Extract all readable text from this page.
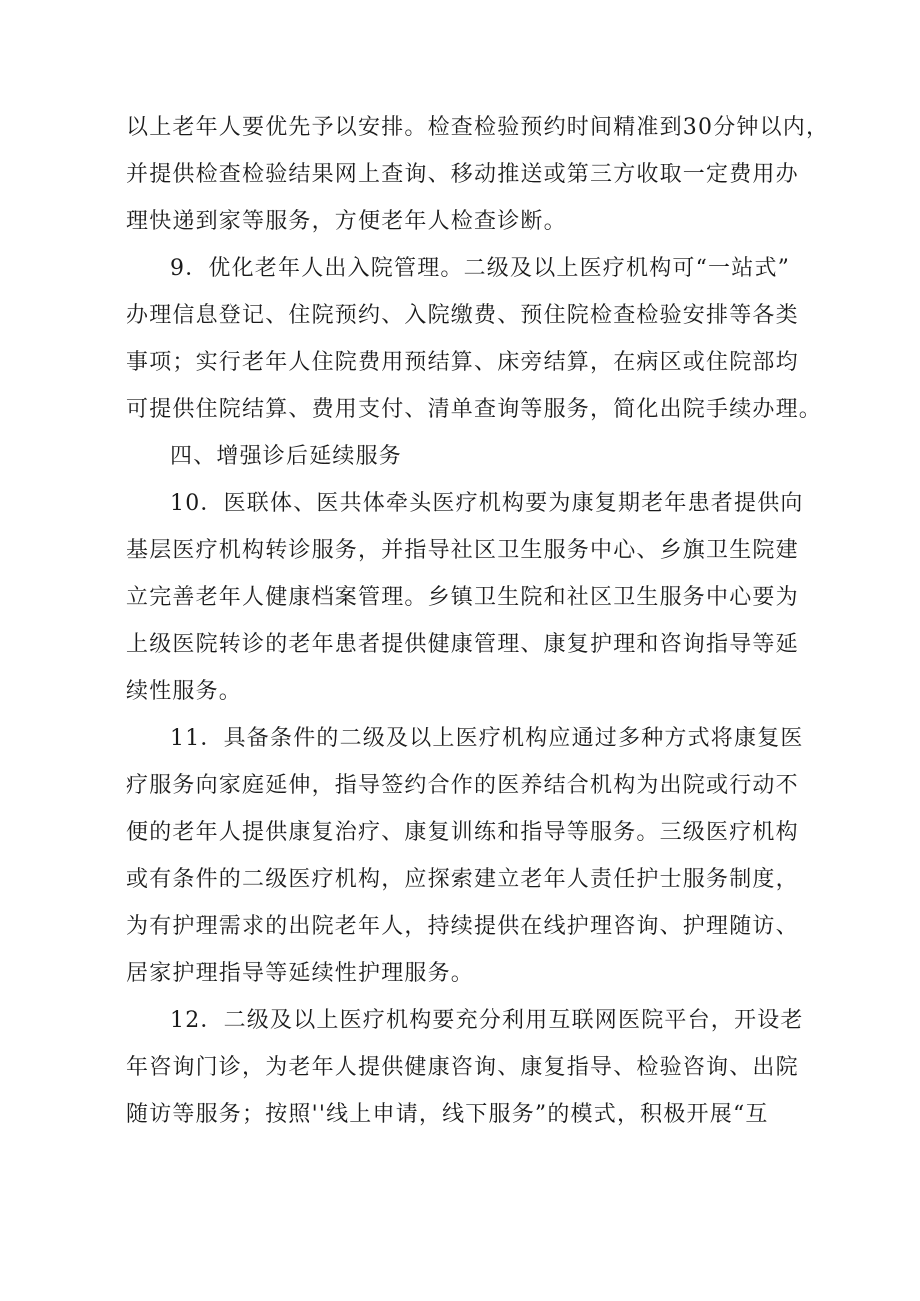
以上老年人要优先予以安排。检查检验预约时间精准到30分钟以内，
并提供检查检验结果网上查询、移动推送或第三方收取一定费用办
理快递到家等服务，方便老年人检查诊断。
9．优化老年人出入院管理。二级及以上医疗机构可“一站式”
办理信息登记、住院预约、入院缴费、预住院检查检验安排等各类
事项；实行老年人住院费用预结算、床旁结算，在病区或住院部均
可提供住院结算、费用支付、清单查询等服务，简化出院手续办理。
四、增强诊后延续服务
10．医联体、医共体牵头医疗机构要为康复期老年患者提供向
基层医疗机构转诊服务，并指导社区卫生服务中心、乡旗卫生院建
立完善老年人健康档案管理。乡镇卫生院和社区卫生服务中心要为
上级医院转诊的老年患者提供健康管理、康复护理和咨询指导等延
续性服务。
11．具备条件的二级及以上医疗机构应通过多种方式将康复医
疗服务向家庭延伸，指导签约合作的医养结合机构为出院或行动不
便的老年人提供康复治疗、康复训练和指导等服务。三级医疗机构
或有条件的二级医疗机构，应探索建立老年人责任护士服务制度，
为有护理需求的出院老年人，持续提供在线护理咨询、护理随访、
居家护理指导等延续性护理服务。
12．二级及以上医疗机构要充分利用互联网医院平台，开设老
年咨询门诊，为老年人提供健康咨询、康复指导、检验咨询、出院
随访等服务；按照''线上申请，线下服务”的模式，积极开展“互
